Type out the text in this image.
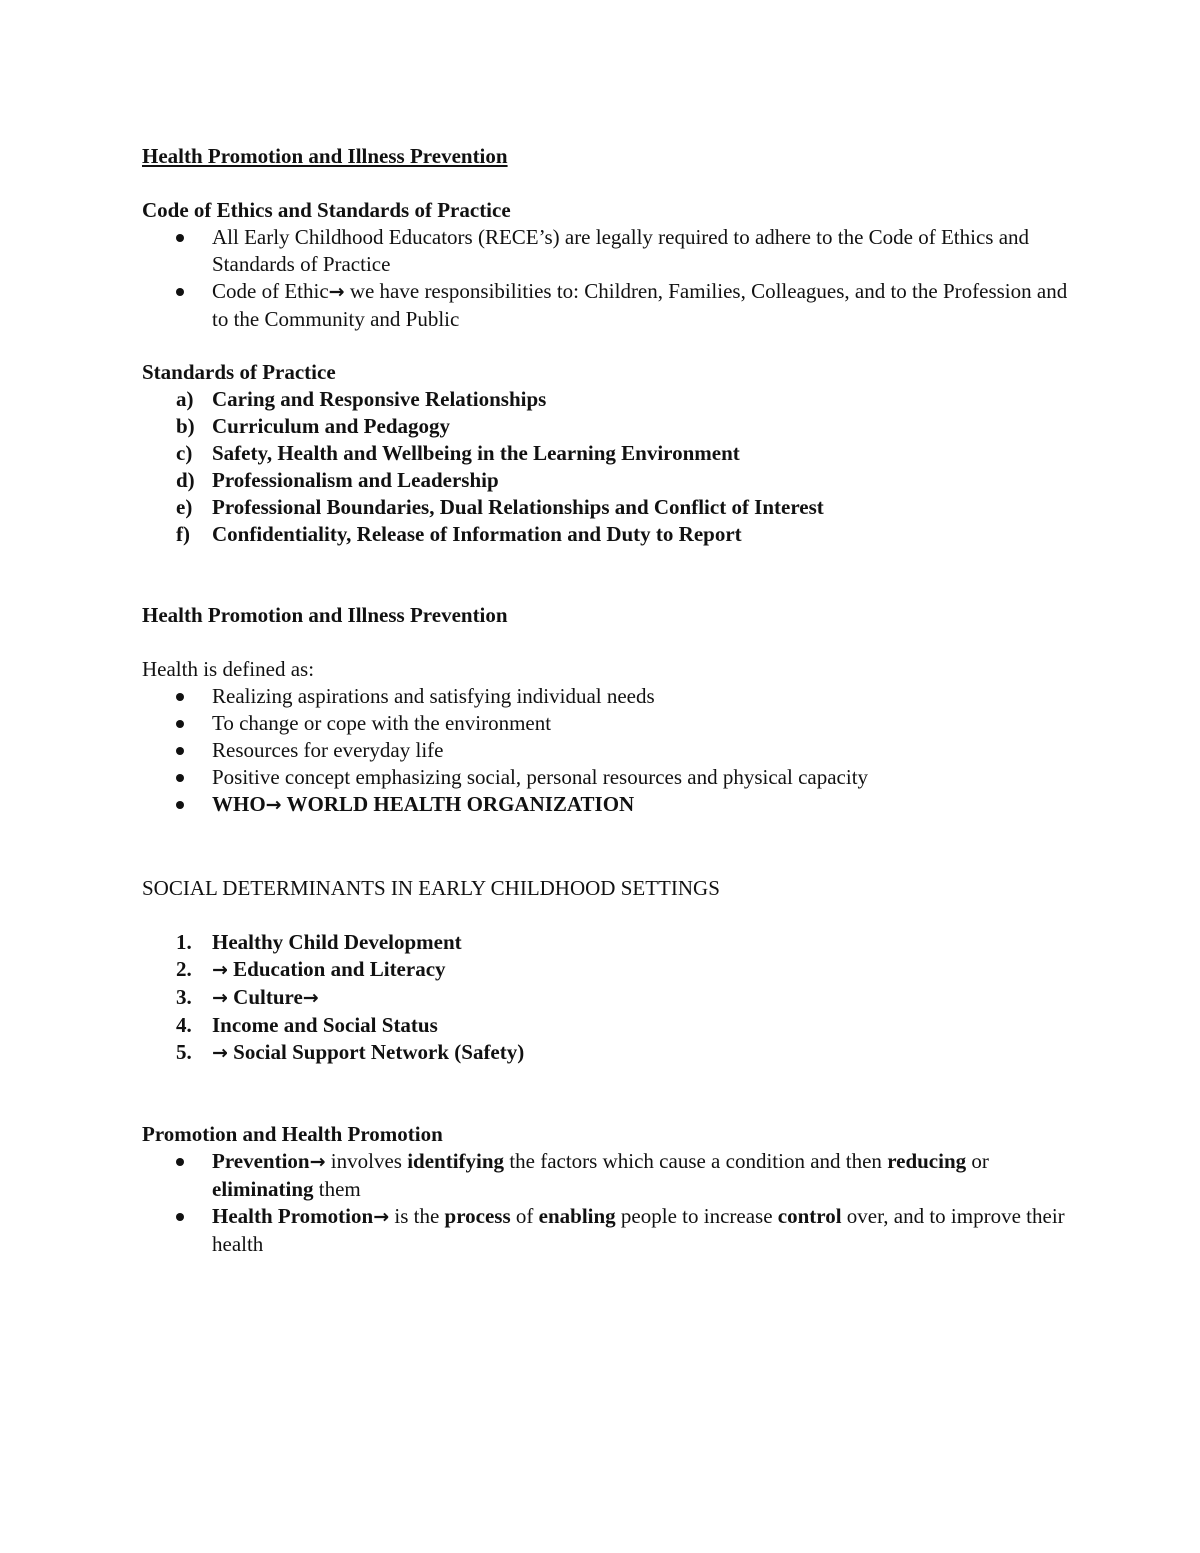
Health Promotion and Illness Prevention
Code of Ethics and Standards of Practice
All Early Childhood Educators (RECE’s) are legally required to adhere to the Code of Ethics and Standards of Practice
Code of Ethic→ we have responsibilities to: Children, Families, Colleagues, and to the Profession and to the Community and Public
Standards of Practice
a) Caring and Responsive Relationships
b) Curriculum and Pedagogy
c) Safety, Health and Wellbeing in the Learning Environment
d) Professionalism and Leadership
e) Professional Boundaries, Dual Relationships and Conflict of Interest
f) Confidentiality, Release of Information and Duty to Report
Health Promotion and Illness Prevention
Health is defined as:
Realizing aspirations and satisfying individual needs
To change or cope with the environment
Resources for everyday life
Positive concept emphasizing social, personal resources and physical capacity
WHO→ WORLD HEALTH ORGANIZATION
SOCIAL DETERMINANTS IN EARLY CHILDHOOD SETTINGS
1. Healthy Child Development
2. → Education and Literacy
3. → Culture→
4. Income and Social Status
5. → Social Support Network (Safety)
Promotion and Health Promotion
Prevention→ involves identifying the factors which cause a condition and then reducing or eliminating them
Health Promotion→ is the process of enabling people to increase control over, and to improve their health
